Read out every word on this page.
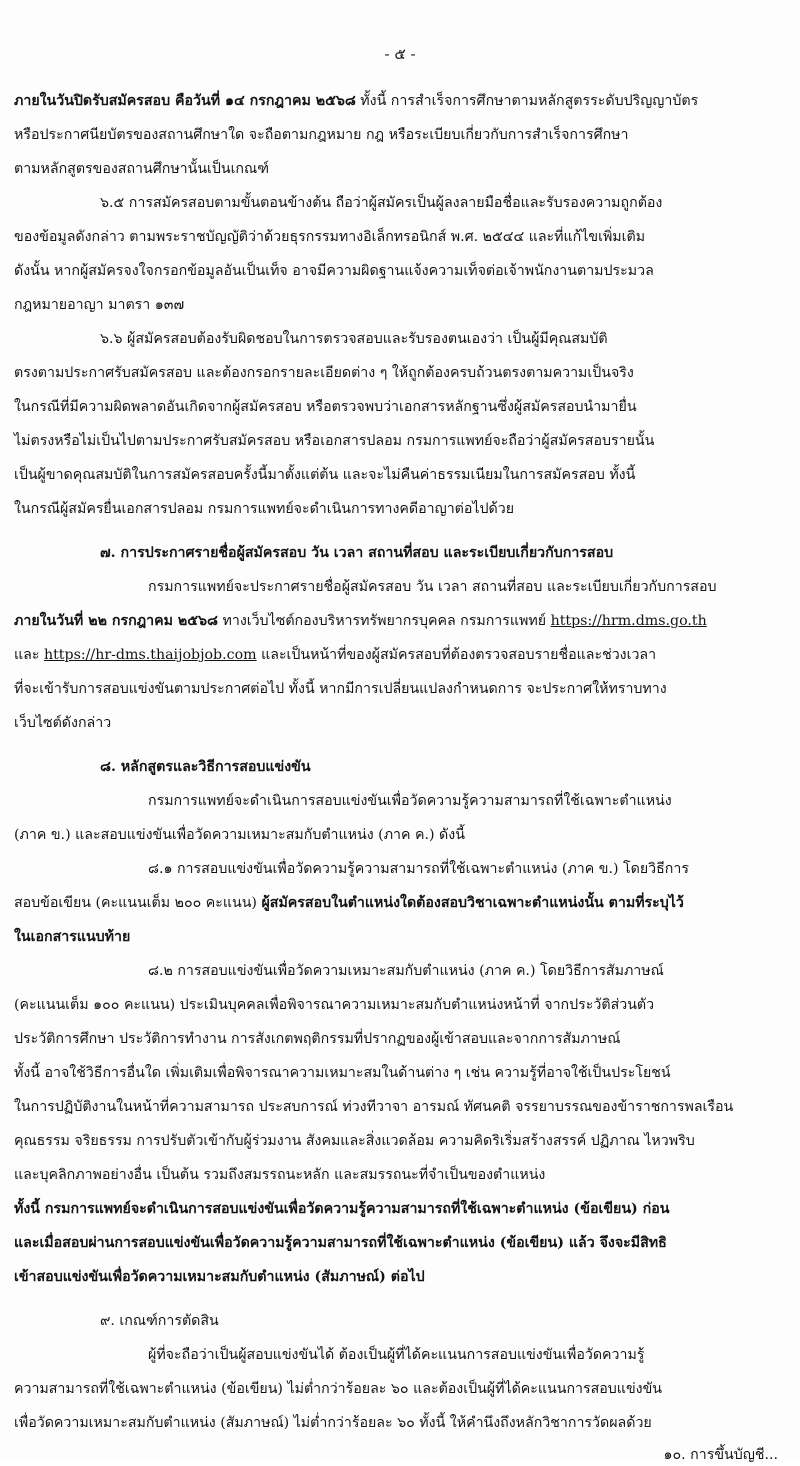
- ๕ -
ภายในวันปิดรับสมัครสอบ คือวันที่ ๑๔ กรกฎาคม ๒๕๖๘ ทั้งนี้ การสำเร็จการศึกษาตามหลักสูตรระดับปริญญาบัตร
หรือประกาศนียบัตรของสถานศึกษาใด จะถือตามกฎหมาย กฎ หรือระเบียบเกี่ยวกับการสำเร็จการศึกษา
ตามหลักสูตรของสถานศึกษานั้นเป็นเกณฑ์
๖.๕ การสมัครสอบตามขั้นตอนข้างต้น ถือว่าผู้สมัครเป็นผู้ลงลายมือชื่อและรับรองความถูกต้อง
ของข้อมูลดังกล่าว ตามพระราชบัญญัติว่าด้วยธุรกรรมทางอิเล็กทรอนิกส์ พ.ศ. ๒๕๔๔ และที่แก้ไขเพิ่มเติม
ดังนั้น หากผู้สมัครจงใจกรอกข้อมูลอันเป็นเท็จ อาจมีความผิดฐานแจ้งความเท็จต่อเจ้าพนักงานตามประมวล
กฎหมายอาญา มาตรา ๑๓๗
๖.๖ ผู้สมัครสอบต้องรับผิดชอบในการตรวจสอบและรับรองตนเองว่า เป็นผู้มีคุณสมบัติ
ตรงตามประกาศรับสมัครสอบ และต้องกรอกรายละเอียดต่าง ๆ ให้ถูกต้องครบถ้วนตรงตามความเป็นจริง
ในกรณีที่มีความผิดพลาดอันเกิดจากผู้สมัครสอบ หรือตรวจพบว่าเอกสารหลักฐานซึ่งผู้สมัครสอบนำมายื่น
ไม่ตรงหรือไม่เป็นไปตามประกาศรับสมัครสอบ หรือเอกสารปลอม กรมการแพทย์จะถือว่าผู้สมัครสอบรายนั้น
เป็นผู้ขาดคุณสมบัติในการสมัครสอบครั้งนี้มาตั้งแต่ต้น และจะไม่คืนค่าธรรมเนียมในการสมัครสอบ ทั้งนี้
ในกรณีผู้สมัครยื่นเอกสารปลอม กรมการแพทย์จะดำเนินการทางคดีอาญาต่อไปด้วย
๗. การประกาศรายชื่อผู้สมัครสอบ วัน เวลา สถานที่สอบ และระเบียบเกี่ยวกับการสอบ
กรมการแพทย์จะประกาศรายชื่อผู้สมัครสอบ วัน เวลา สถานที่สอบ และระเบียบเกี่ยวกับการสอบ
ภายในวันที่ ๒๒ กรกฎาคม ๒๕๖๘ ทางเว็บไซต์กองบริหารทรัพยากรบุคคล กรมการแพทย์ https://hrm.dms.go.th
และ https://hr-dms.thaijobjob.com และเป็นหน้าที่ของผู้สมัครสอบที่ต้องตรวจสอบรายชื่อและช่วงเวลา
ที่จะเข้ารับการสอบแข่งขันตามประกาศต่อไป ทั้งนี้ หากมีการเปลี่ยนแปลงกำหนดการ จะประกาศให้ทราบทาง
เว็บไซต์ดังกล่าว
๘. หลักสูตรและวิธีการสอบแข่งขัน
กรมการแพทย์จะดำเนินการสอบแข่งขันเพื่อวัดความรู้ความสามารถที่ใช้เฉพาะตำแหน่ง
(ภาค ข.) และสอบแข่งขันเพื่อวัดความเหมาะสมกับตำแหน่ง (ภาค ค.) ดังนี้
๘.๑ การสอบแข่งขันเพื่อวัดความรู้ความสามารถที่ใช้เฉพาะตำแหน่ง (ภาค ข.) โดยวิธีการ
สอบข้อเขียน (คะแนนเต็ม ๒๐๐ คะแนน) ผู้สมัครสอบในตำแหน่งใดต้องสอบวิชาเฉพาะตำแหน่งนั้น ตามที่ระบุไว้
ในเอกสารแนบท้าย
๘.๒ การสอบแข่งขันเพื่อวัดความเหมาะสมกับตำแหน่ง (ภาค ค.) โดยวิธีการสัมภาษณ์
(คะแนนเต็ม ๑๐๐ คะแนน) ประเมินบุคคลเพื่อพิจารณาความเหมาะสมกับตำแหน่งหน้าที่ จากประวัติส่วนตัว
ประวัติการศึกษา ประวัติการทำงาน การสังเกตพฤติกรรมที่ปรากฏของผู้เข้าสอบและจากการสัมภาษณ์
ทั้งนี้ อาจใช้วิธีการอื่นใด เพิ่มเติมเพื่อพิจารณาความเหมาะสมในด้านต่าง ๆ เช่น ความรู้ที่อาจใช้เป็นประโยชน์
ในการปฏิบัติงานในหน้าที่ความสามารถ ประสบการณ์ ท่วงทีวาจา อารมณ์ ทัศนคติ จรรยาบรรณของข้าราชการพลเรือน
คุณธรรม จริยธรรม การปรับตัวเข้ากับผู้ร่วมงาน สังคมและสิ่งแวดล้อม ความคิดริเริ่มสร้างสรรค์ ปฏิภาณ ไหวพริบ
และบุคลิกภาพอย่างอื่น เป็นต้น รวมถึงสมรรถนะหลัก และสมรรถนะที่จำเป็นของตำแหน่ง
ทั้งนี้ กรมการแพทย์จะดำเนินการสอบแข่งขันเพื่อวัดความรู้ความสามารถที่ใช้เฉพาะตำแหน่ง (ข้อเขียน) ก่อน
และเมื่อสอบผ่านการสอบแข่งขันเพื่อวัดความรู้ความสามารถที่ใช้เฉพาะตำแหน่ง (ข้อเขียน) แล้ว จึงจะมีสิทธิ
เข้าสอบแข่งขันเพื่อวัดความเหมาะสมกับตำแหน่ง (สัมภาษณ์) ต่อไป
๙. เกณฑ์การตัดสิน
ผู้ที่จะถือว่าเป็นผู้สอบแข่งขันได้ ต้องเป็นผู้ที่ได้คะแนนการสอบแข่งขันเพื่อวัดความรู้
ความสามารถที่ใช้เฉพาะตำแหน่ง (ข้อเขียน) ไม่ต่ำกว่าร้อยละ ๖๐ และต้องเป็นผู้ที่ได้คะแนนการสอบแข่งขัน
เพื่อวัดความเหมาะสมกับตำแหน่ง (สัมภาษณ์) ไม่ต่ำกว่าร้อยละ ๖๐ ทั้งนี้ ให้คำนึงถึงหลักวิชาการวัดผลด้วย
๑๐. การขึ้นบัญชี...
